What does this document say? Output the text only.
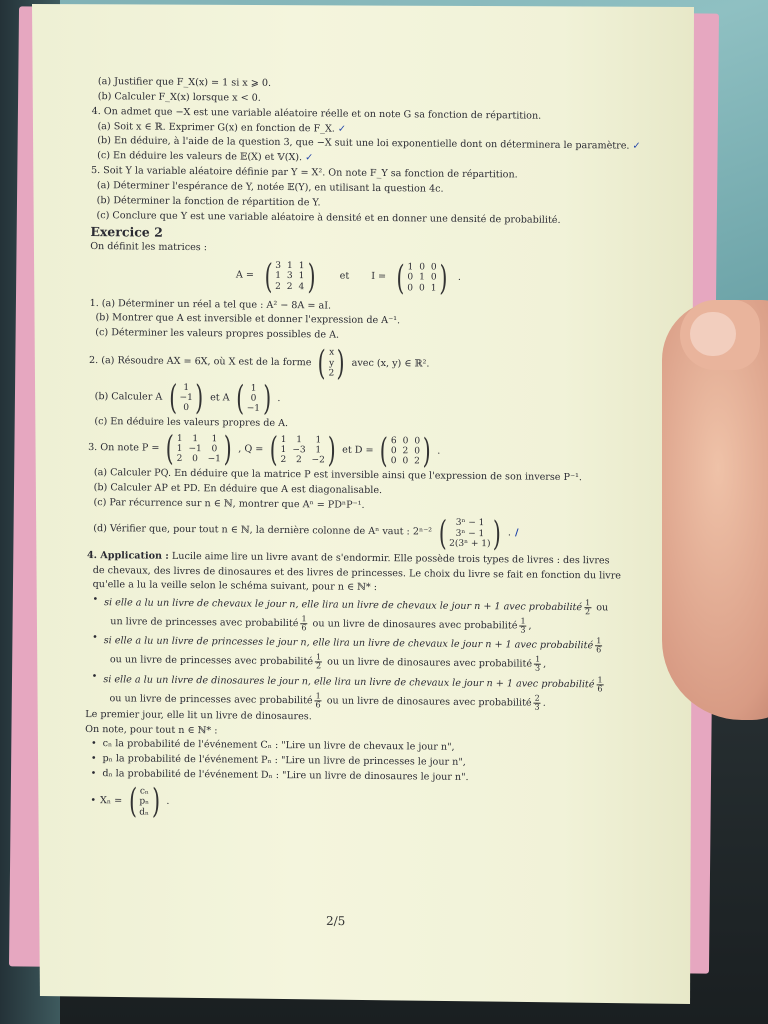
(a) Justifier que F_X(x) = 1 si x ⩾ 0.
(b) Calculer F_X(x) lorsque x < 0.
4. On admet que −X est une variable aléatoire réelle et on note G sa fonction de répartition.
(a) Soit x ∈ ℝ. Exprimer G(x) en fonction de F_X. ✓
(b) En déduire, à l'aide de la question 3, que −X suit une loi exponentielle dont on déterminera le paramètre. ✓
(c) En déduire les valeurs de 𝔼(X) et 𝕍(X). ✓
5. Soit Y la variable aléatoire définie par Y = X². On note F_Y sa fonction de répartition.
(a) Déterminer l'espérance de Y, notée 𝔼(Y), en utilisant la question 4c.
(b) Déterminer la fonction de répartition de Y.
(c) Conclure que Y est une variable aléatoire à densité et en donner une densité de probabilité.
Exercice 2
On définit les matrices :
A = ( 3 1 1
1 3 1
2 2 4 )	et I = ( 1 0 0
0 1 0
0 0 1 ) .
1. (a) Déterminer un réel a tel que : A² − 8A = aI.
(b) Montrer que A est inversible et donner l'expression de A⁻¹.
(c) Déterminer les valeurs propres possibles de A.
2. (a) Résoudre AX = 6X, où X est de la forme ( x
y
2 ) avec (x, y) ∈ ℝ².
(b) Calculer A ( 1
−1
0 ) et A ( 1
0
−1 ) .
(c) En déduire les valeurs propres de A.
3. On note P = ( 1	1	1
1 −1	0
2	0	−1 ) , Q = ( 1	1	1
1 −3	1
2	2	−2 ) et D = ( 6 0 0
0 2 0
0 0 2 ) .
(a) Calculer PQ. En déduire que la matrice P est inversible ainsi que l'expression de son inverse P⁻¹.
(b) Calculer AP et PD. En déduire que A est diagonalisable.
(c) Par récurrence sur n ∈ ℕ, montrer que Aⁿ = PDⁿP⁻¹.
(d) Vérifier que, pour tout n ∈ ℕ, la dernière colonne de Aⁿ vaut : 2ⁿ⁻² ( 3ⁿ − 1
3ⁿ − 1
2(3ⁿ + 1) ) . /
4. Application : Lucile aime lire un livre avant de s'endormir. Elle possède trois types de livres : des livres
de chevaux, des livres de dinosaures et des livres de princesses. Le choix du livre se fait en fonction du livre
qu'elle a lu la veille selon le schéma suivant, pour n ∈ ℕ* :
• si elle a lu un livre de chevaux le jour n, elle lira un livre de chevaux le jour n + 1 avec probabilité $\frac{1}{2}$ ou
un livre de princesses avec probabilité $\frac{1}{6}$ ou un livre de dinosaures avec probabilité $\frac{1}{3}$ ,
• si elle a lu un livre de princesses le jour n, elle lira un livre de chevaux le jour n + 1 avec probabilité $\frac{1}{6}$
ou un livre de princesses avec probabilité $\frac{1}{2}$ ou un livre de dinosaures avec probabilité $\frac{1}{3}$ ,
• si elle a lu un livre de dinosaures le jour n, elle lira un livre de chevaux le jour n + 1 avec probabilité $\frac{1}{6}$
ou un livre de princesses avec probabilité $\frac{1}{6}$ ou un livre de dinosaures avec probabilité $\frac{2}{3}$ .
Le premier jour, elle lit un livre de dinosaures.
On note, pour tout n ∈ ℕ* :
• cₙ la probabilité de l'événement Cₙ : "Lire un livre de chevaux le jour n",
• pₙ la probabilité de l'événement Pₙ : "Lire un livre de princesses le jour n",
• dₙ la probabilité de l'événement Dₙ : "Lire un livre de dinosaures le jour n".
• Xₙ = ( cₙ
pₙ
dₙ ) .
2/5
